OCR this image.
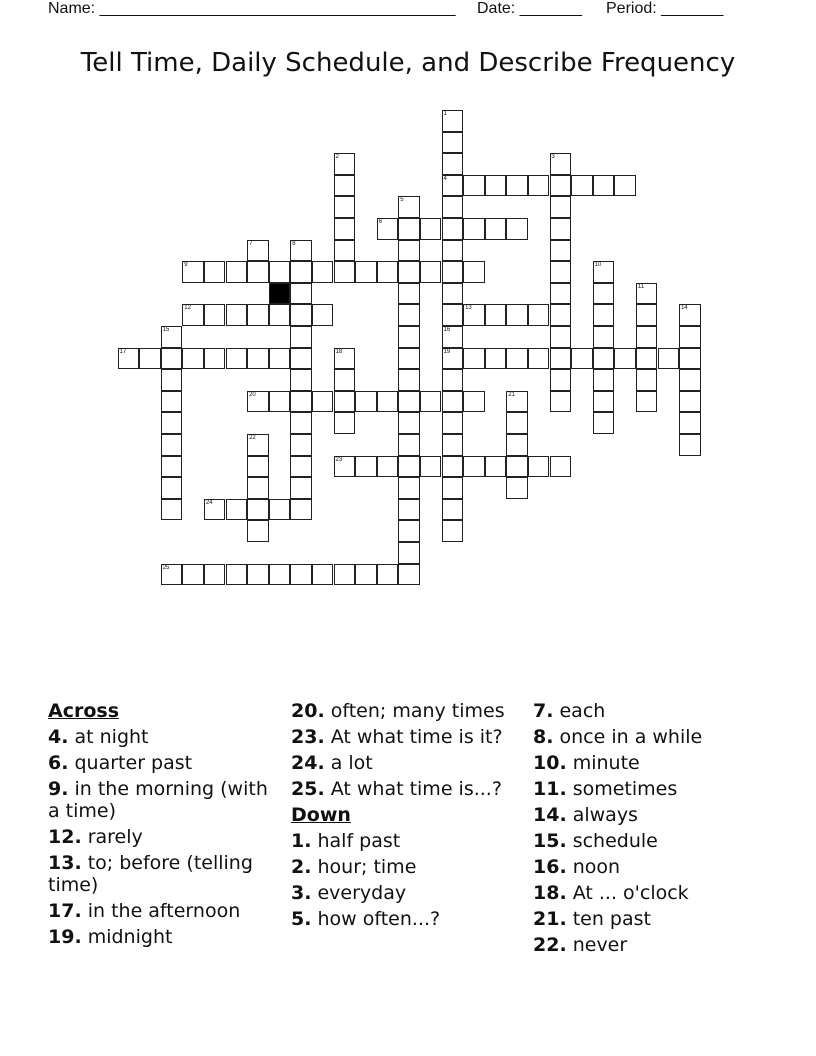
Name: ________________________________________ Date: _______ Period: _______
Tell Time, Daily Schedule, and Describe Frequency
1
4
16
19
2	3
5
6
7	8
9	10
11
12	13	14
15
17	18
20	21
22
23
24
25
Across
4. at night
6. quarter past
9. in the morning (with a time)
12. rarely
13. to; before (telling time)
17. in the afternoon
19. midnight
20. often; many times
23. At what time is it?
24. a lot
25. At what time is...?
Down
1. half past
2. hour; time
3. everyday
5. how often...?
7. each
8. once in a while
10. minute
11. sometimes
14. always
15. schedule
16. noon
18. At ... o'clock
21. ten past
22. never
